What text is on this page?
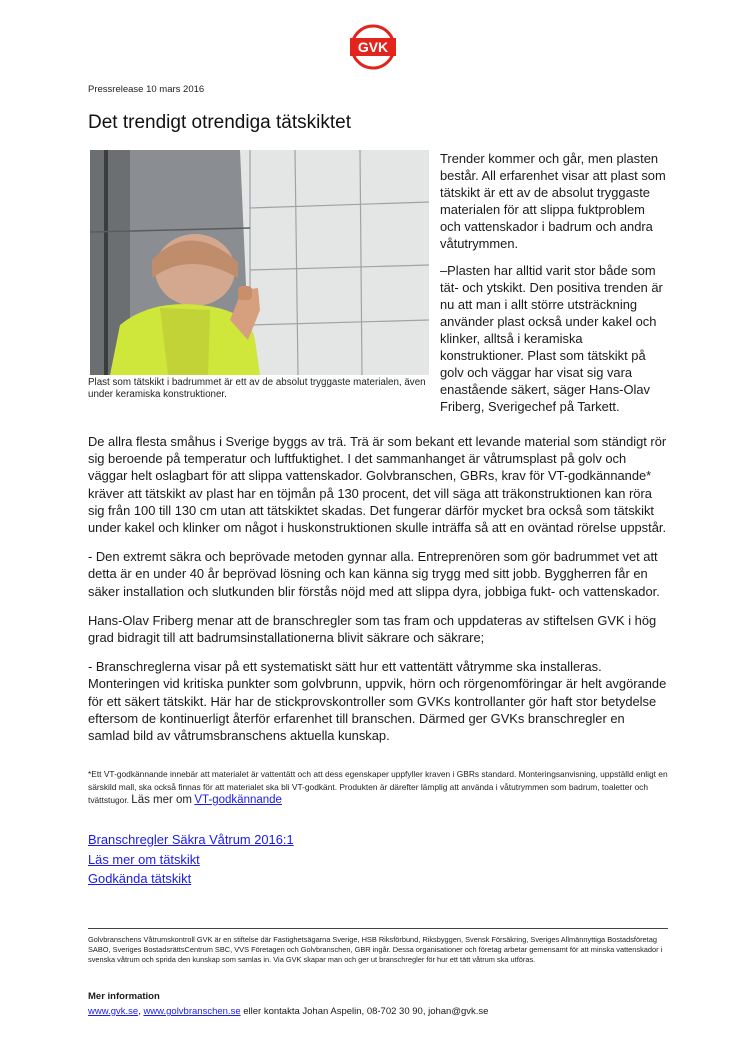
GVK
Pressrelease 10 mars 2016
Det trendigt otrendiga tätskiktet
Plast som tätskikt i badrummet är ett av de absolut tryggaste materialen, även under keramiska konstruktioner.

Trender kommer och går, men plasten består. All erfarenhet visar att plast som tätskikt är ett av de absolut tryggaste materialen för att slippa fuktproblem och vattenskador i badrum och andra våtutrymmen.

–Plasten har alltid varit stor både som tät- och ytskikt. Den positiva trenden är nu att man i allt större utsträckning använder plast också under kakel och klinker, alltså i keramiska konstruktioner. Plast som tätskikt på golv och väggar har visat sig vara enastående säkert, säger Hans-Olav Friberg, Sverigechef på Tarkett.

De allra flesta småhus i Sverige byggs av trä. Trä är som bekant ett levande material som ständigt rör sig beroende på temperatur och luftfuktighet. I det sammanhanget är våtrumsplast på golv och väggar helt oslagbart för att slippa vattenskador. Golvbranschen, GBRs, krav för VT-godkännande* kräver att tätskikt av plast har en töjmån på 130 procent, det vill säga att träkonstruktionen kan röra sig från 100 till 130 cm utan att tätskiktet skadas. Det fungerar därför mycket bra också som tätskikt under kakel och klinker om något i huskonstruktionen skulle inträffa så att en oväntad rörelse uppstår.

- Den extremt säkra och beprövade metoden gynnar alla. Entreprenören som gör badrummet vet att detta är en under 40 år beprövad lösning och kan känna sig trygg med sitt jobb. Byggherren får en säker installation och slutkunden blir förstås nöjd med att slippa dyra, jobbiga fukt- och vattenskador.

Hans-Olav Friberg menar att de branschregler som tas fram och uppdateras av stiftelsen GVK i hög grad bidragit till att badrumsinstallationerna blivit säkrare och säkrare;

- Branschreglerna visar på ett systematiskt sätt hur ett vattentätt våtrymme ska installeras. Monteringen vid kritiska punkter som golvbrunn, uppvik, hörn och rörgenomföringar är helt avgörande för ett säkert tätskikt. Här har de stickprovskontroller som GVKs kontrollanter gör haft stor betydelse eftersom de kontinuerligt återför erfarenhet till branschen. Därmed ger GVKs branschregler en samlad bild av våtrumsbranschens aktuella kunskap.

*Ett VT-godkännande innebär att materialet är vattentätt och att dess egenskaper uppfyller kraven i GBRs standard. Monteringsanvisning, uppställd enligt en särskild mall, ska också finnas för att materialet ska bli VT-godkänt. Produkten är därefter lämplig att använda i våtutrymmen som badrum, toaletter och tvättstugor. Läs mer om VT-godkännande
Branschregler Säkra Våtrum 2016:1
Läs mer om tätskikt
Godkända tätskikt
Golvbranschens Våtrumskontroll GVK är en stiftelse där Fastighetsägarna Sverige, HSB Riksförbund, Riksbyggen, Svensk Försäkring, Sveriges Allmännyttiga Bostadsföretag SABO, Sveriges BostadsrättsCentrum SBC, VVS Företagen och Golvbranschen, GBR ingår. Dessa organisationer och företag arbetar gemensamt för att minska vattenskador i svenska våtrum och sprida den kunskap som samlas in. Via GVK skapar man och ger ut branschregler för hur ett tätt våtrum ska utföras.
Mer information
www.gvk.se, www.golvbranschen.se eller kontakta Johan Aspelin, 08-702 30 90, johan@gvk.se
